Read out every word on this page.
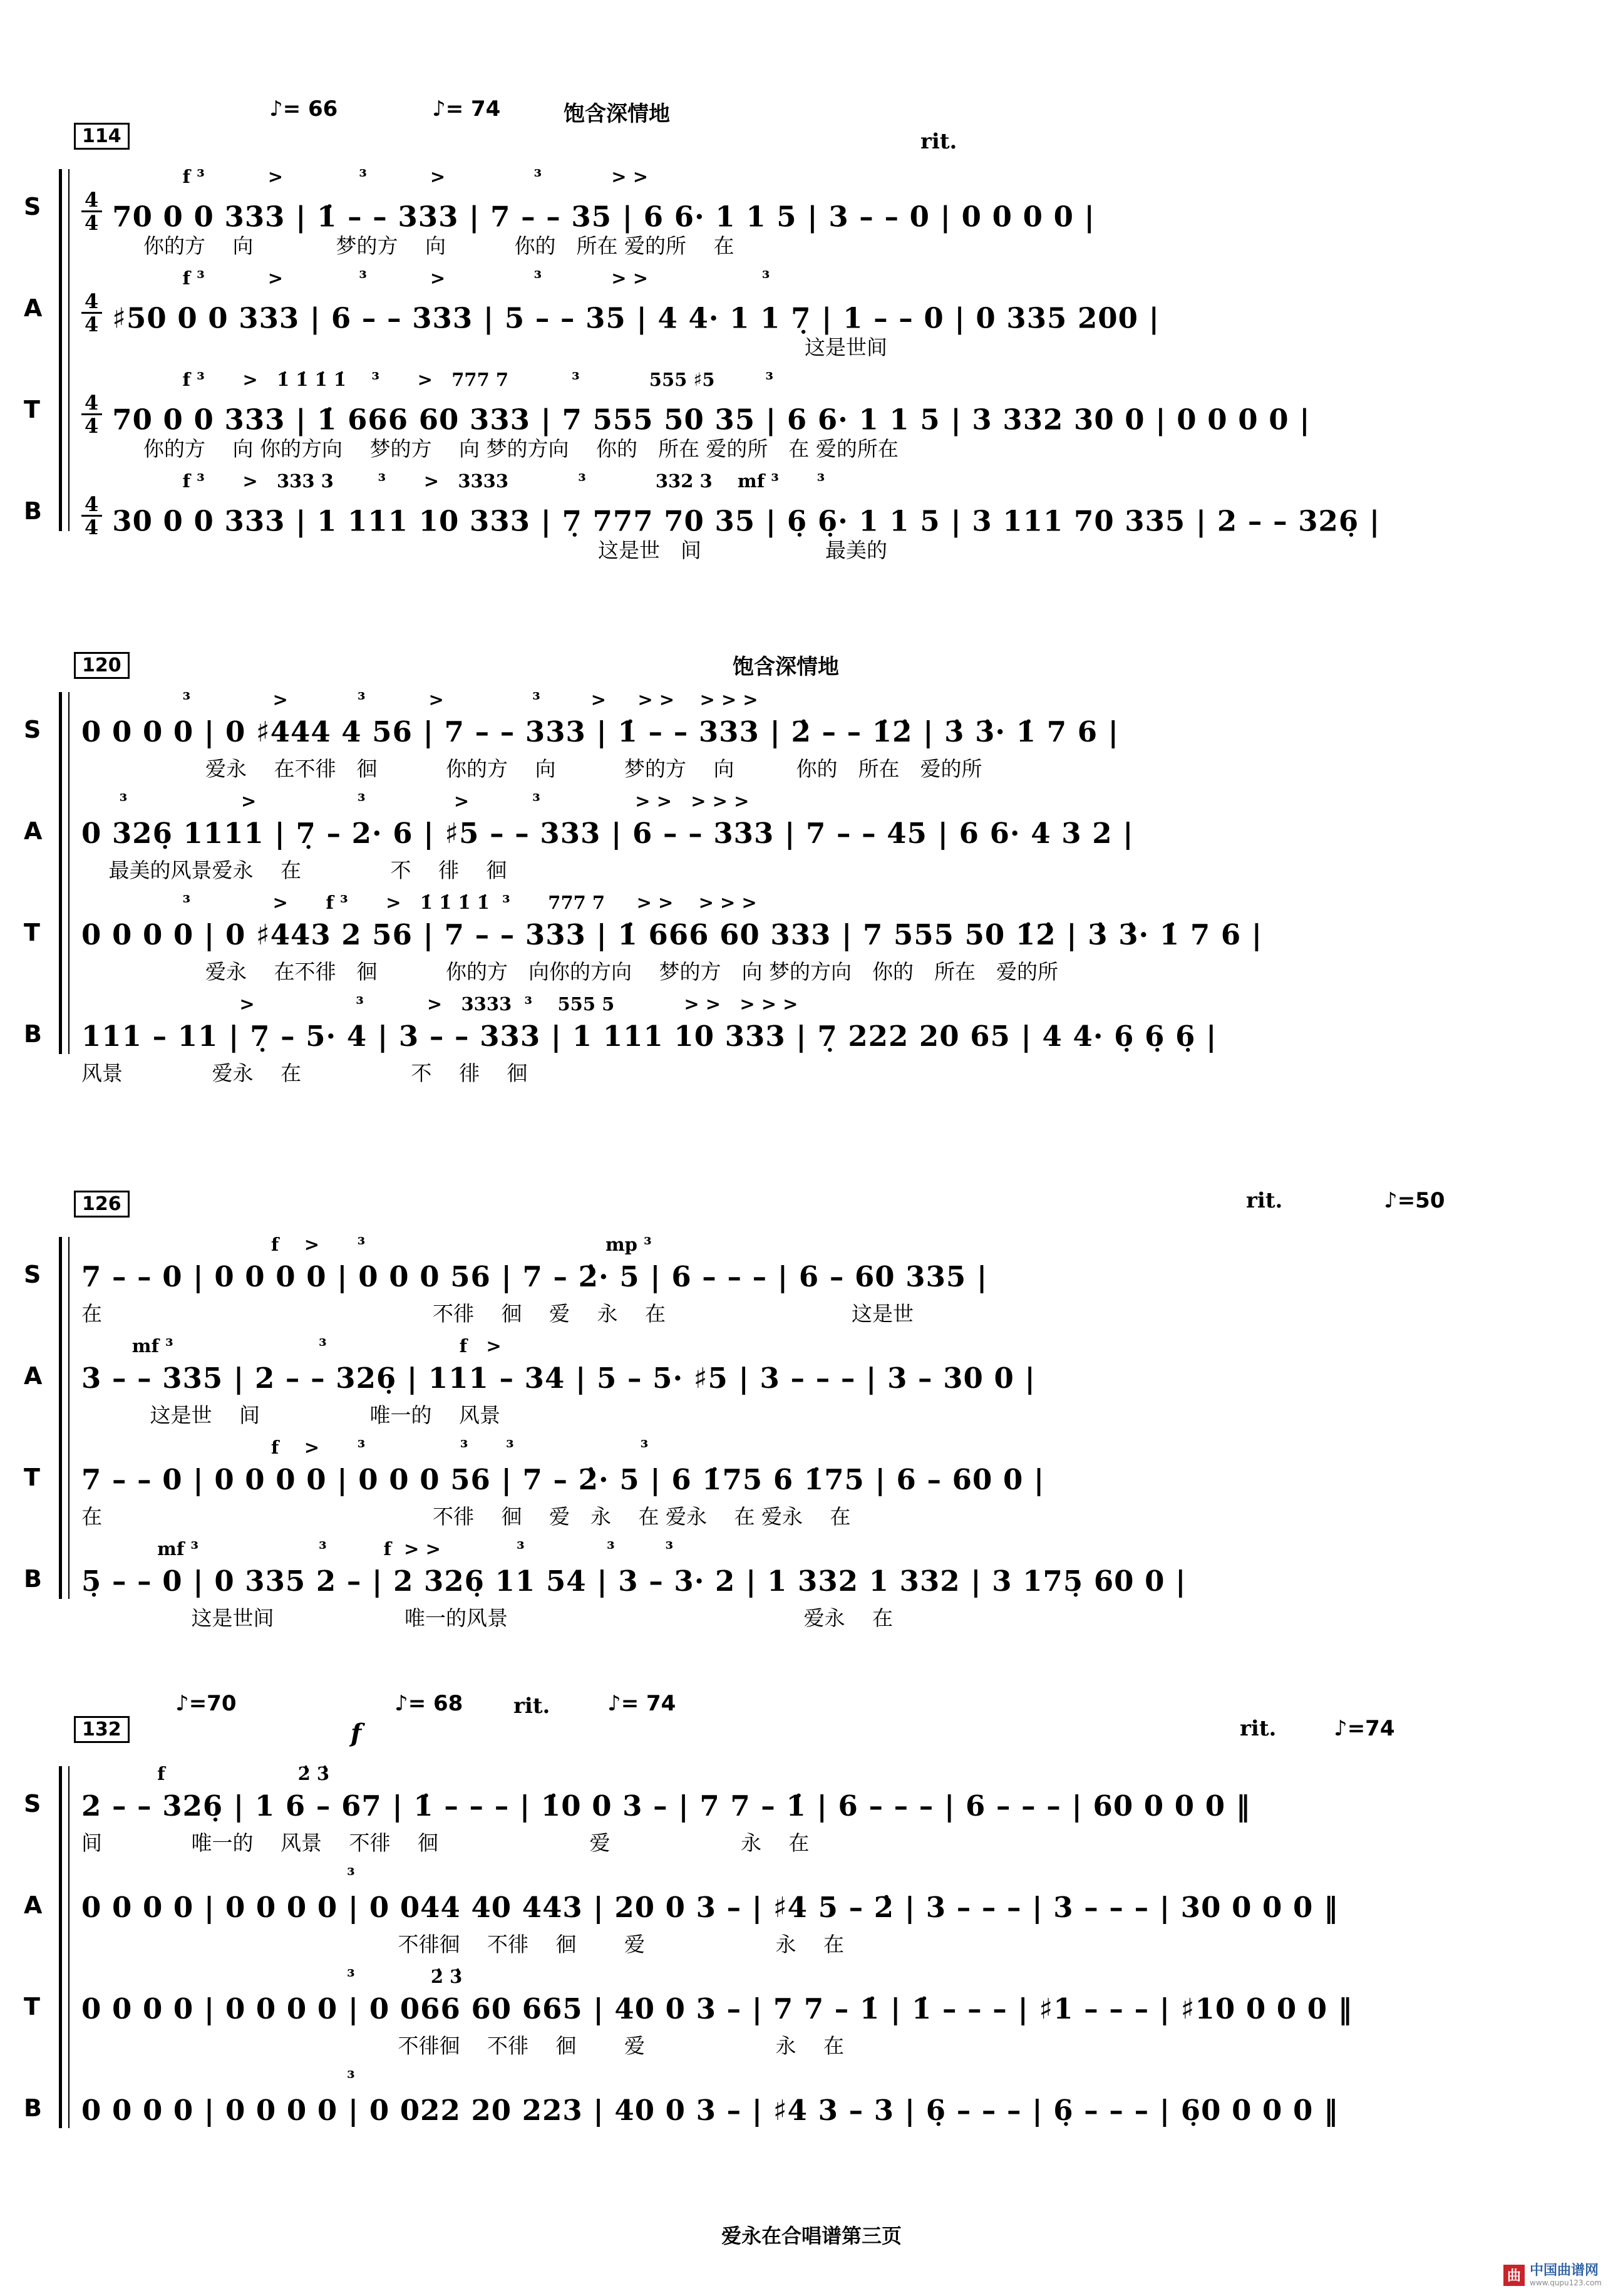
114
♪= 66	♪= 74	饱含深情地
rit.
S
f ³          >            ³          >              ³           > >
$\frac{4}{4} 70$ 0 0 333 | 1̇ – – 333 | 7 – – 35 | 6 6· 1 1 5 | 3 – – 0 | 0 0 0 0 |
　　　你的方　 向　　　　梦的方　 向　　　 你的　所在 爱的所　 在
A
f ³          >            ³          >              ³           > >                  ³
$\frac{4}{4}$ ♯50 0 0 333 | 6 – – 333 | 5 – – 35 | 4 4· 1 1 7̣ | 1 – – 0 | 0 335 200 |
　　　　　　　　　　　　　　　　　　　　　　　　　　　　　　　　　　　这是世间
T
f ³      >   1̇ 1̇ 1̇ 1̇    ³      >   777 7          ³           555 ♯5        ³
$\frac{4}{4} 70$ 0 0 333 | 1̇ 666 60 333 | 7 555 50 35 | 6 6· 1 1 5 | 3 332 30 0 | 0 0 0 0 |
　　　你的方　 向 你的方向　 梦的方　 向 梦的方向　 你的　所在 爱的所　在 爱的所在
B
f ³      >   333 3       ³      >   3333           ³           332 3    mf ³      ³
$\frac{4}{4} 30$ 0 0 333 | 1 111 10 333 | 7̣ 777 70 35 | 6̣ 6̣· 1 1 5 | 3 111 70 335 | 2 – – 326̣ |
　　　　　　　　　　　　　　　　　　　　　　　　　这是世　间　　　　　　最美的
120	饱含深情地
S
³             >           ³          >              ³        >     > >    > > >
0 0 0 0 | 0 ♯444 4 56 | 7 – – 333 | 1̇ – – 333 | 2̇ – – 1̇2̇ | 3̇ 3̇· 1̇ 7 6 |
　　　　　　爱永　 在不徘　徊　　　 你的方　 向　　　 梦的方　 向　　　你的　所在　爱的所
A
³                  >                ³              >          ³               > >   > > >
0 326̣ 1111 | 7̣ – 2· 6 | ♯5 – – 333 | 6 – – 333 | 7 – – 45 | 6 6· 4 3 2 |
　 最美的风景爱永　 在　　　　 不　 徘　 徊
T
³             >      f ³      >   1̇ 1̇ 1̇ 1̇  ³      777 7     > >    > > >
0 0 0 0 | 0 ♯443 2 56 | 7 – – 333 | 1̇ 666 60 333 | 7 555 50 1̇2̇ | 3̇ 3̇· 1̇ 7 6 |
　　　　　　爱永　 在不徘　徊　　　 你的方　向你的方向　 梦的方　向 梦的方向　你的　所在　爱的所
B
>                ³          >   3333  ³    555 5           > >   > > >
111 – 11 | 7̣ – 5· 4 | 3 – – 333 | 1 111 10 333 | 7̣ 222 20 65 | 4 4· 6̣ 6̣ 6̣ |
风景　　　　 爱永　 在　　　　　 不　 徘　 徊
126	rit.	♪=50
S
f    >      ³                                      mp ³
7 – – 0 | 0 0 0 0 | 0 0 0 56 | 7 – 2̇· 5 | 6 – – – | 6 – 60 335 |
在　　　　　　　　　　　　　　　　不徘　 徊　 爱　 永　 在　　　　　　　　　这是世
A
mf ³                       ³                     f   >
3 – – 335 | 2 – – 326̣ | 111 – 34 | 5 – 5· ♯5 | 3 – – – | 3 – 30 0 |
　　　 这是世　 间　　　　　 唯一的　 风景
T
f    >      ³               ³      ³                    ³
7 – – 0 | 0 0 0 0 | 0 0 0 56 | 7 – 2̇· 5 | 6 1̇75 6 1̇75 | 6 – 60 0 |
在　　　　　　　　　　　　　　　　不徘　 徊　 爱　永　 在 爱永　 在 爱永　 在
B
mf ³                   ³         f  > >            ³             ³        ³
5̣ – – 0 | 0 335 2 – | 2 326̣ 11 54 | 3 – 3· 2 | 1 332 1 332 | 3 175̣ 60 0 |
　　　　　 这是世间　　　　　　 唯一的风景　　　　　　　　　　　　　　 爱永　 在
132
♪=70
f
♪= 68 rit.	♪= 74
rit.	♪=74
S
f                     2̇ 3̇
2 – – 326̣ | 1 6 – 67 | 1̇ – – – | 1̇0 0 3 – | 7 7 – 1̇ | 6 – – – | 6 – – – | 60 0 0 0 ‖
间　　　　 唯一的　 风景　 不徘　 徊　　　　　　　 爱　　　　　　 永　 在
A
³
0 0 0 0 | 0 0 0 0 | 0 044 40 443 | 20 0 3 – | ♯4 5 – 2̇ | 3 – – – | 3 – – – | 30 0 0 0 ‖
　　　　　　　　　　　　　　　 不徘徊　 不徘　 徊　　 爱　　　　　　 永　 在
T
³            2̇ 3̇
0 0 0 0 | 0 0 0 0 | 0 066 60 665 | 40 0 3 – | 7 7 – 1̇ | 1̇ – – – | ♯1 – – – | ♯10 0 0 0 ‖
　　　　　　　　　　　　　　　 不徘徊　 不徘　 徊　　 爱　　　　　　 永　 在
B
³
0 0 0 0 | 0 0 0 0 | 0 022 20 223 | 40 0 3 – | ♯4 3 – 3 | 6̣ – – – | 6̣ – – – | 6̣0 0 0 0 ‖
爱永在合唱谱第三页
曲 中国曲谱网
www.qupu123.com
